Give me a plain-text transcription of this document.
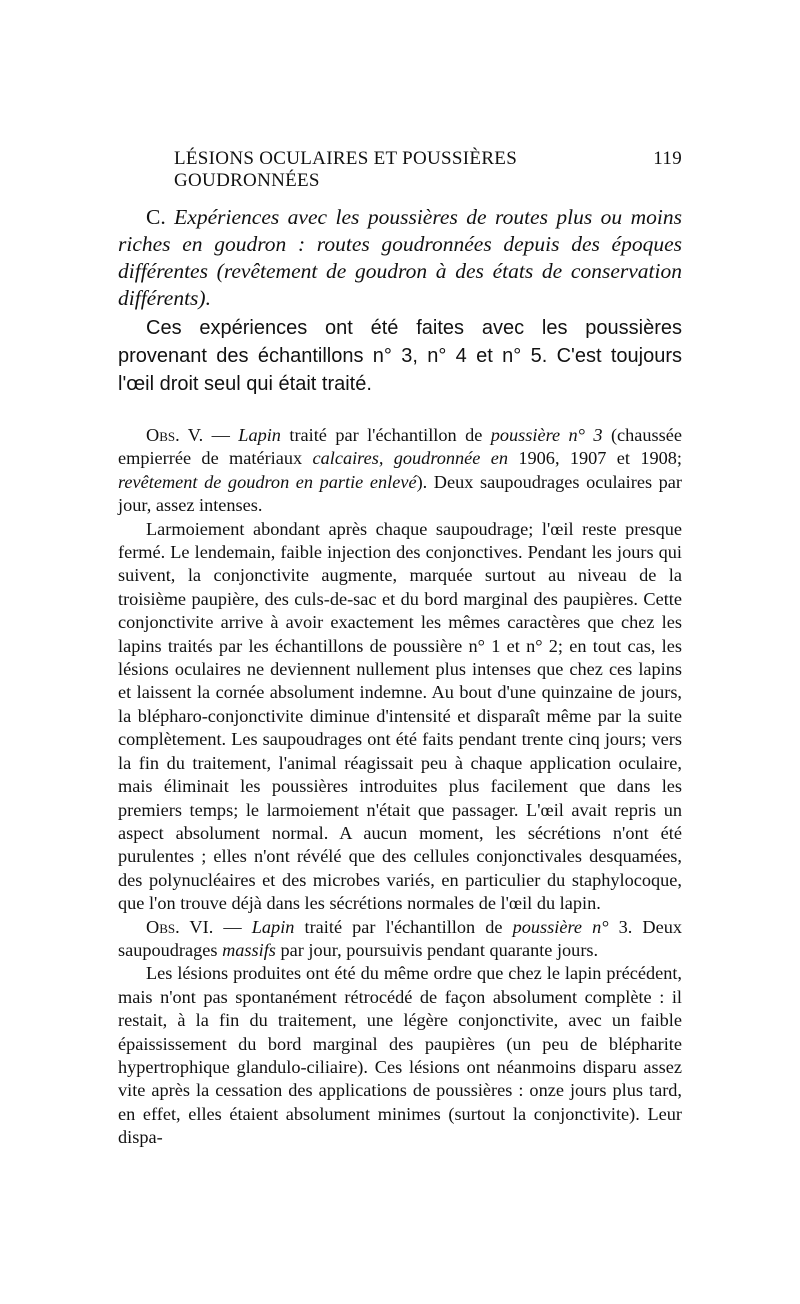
LÉSIONS OCULAIRES ET POUSSIÈRES GOUDRONNÉES
119

C. Expériences avec les poussières de routes plus ou moins riches en goudron : routes goudronnées depuis des époques différentes (revêtement de goudron à des états de conservation différents).

Ces expériences ont été faites avec les poussières provenant des échantillons n° 3, n° 4 et n° 5. C'est toujours l'œil droit seul qui était traité.

Obs. V. — Lapin traité par l'échantillon de poussière n° 3 (chaussée empierrée de matériaux calcaires, goudronnée en 1906, 1907 et 1908; revêtement de goudron en partie enlevé). Deux saupoudrages oculaires par jour, assez intenses.

Larmoiement abondant après chaque saupoudrage; l'œil reste presque fermé. Le lendemain, faible injection des conjonctives. Pendant les jours qui suivent, la conjonctivite augmente, marquée surtout au niveau de la troisième paupière, des culs-de-sac et du bord marginal des paupières. Cette conjonctivite arrive à avoir exactement les mêmes caractères que chez les lapins traités par les échantillons de poussière n° 1 et n° 2; en tout cas, les lésions oculaires ne deviennent nullement plus intenses que chez ces lapins et laissent la cornée absolument indemne. Au bout d'une quinzaine de jours, la blépharo-conjonctivite diminue d'intensité et disparaît même par la suite complètement. Les saupoudrages ont été faits pendant trente cinq jours; vers la fin du traitement, l'animal réagissait peu à chaque application oculaire, mais éliminait les poussières introduites plus facilement que dans les premiers temps; le larmoiement n'était que passager. L'œil avait repris un aspect absolument normal. A aucun moment, les sécrétions n'ont été purulentes ; elles n'ont révélé que des cellules conjonctivales desquamées, des polynucléaires et des microbes variés, en particulier du staphylocoque, que l'on trouve déjà dans les sécrétions normales de l'œil du lapin.

Obs. VI. — Lapin traité par l'échantillon de poussière n° 3. Deux saupoudrages massifs par jour, poursuivis pendant quarante jours.

Les lésions produites ont été du même ordre que chez le lapin précédent, mais n'ont pas spontanément rétrocédé de façon absolument complète : il restait, à la fin du traitement, une légère conjonctivite, avec un faible épaississement du bord marginal des paupières (un peu de blépharite hypertrophique glandulo-ciliaire). Ces lésions ont néanmoins disparu assez vite après la cessation des applications de poussières : onze jours plus tard, en effet, elles étaient absolument minimes (surtout la conjonctivite). Leur dispa-
